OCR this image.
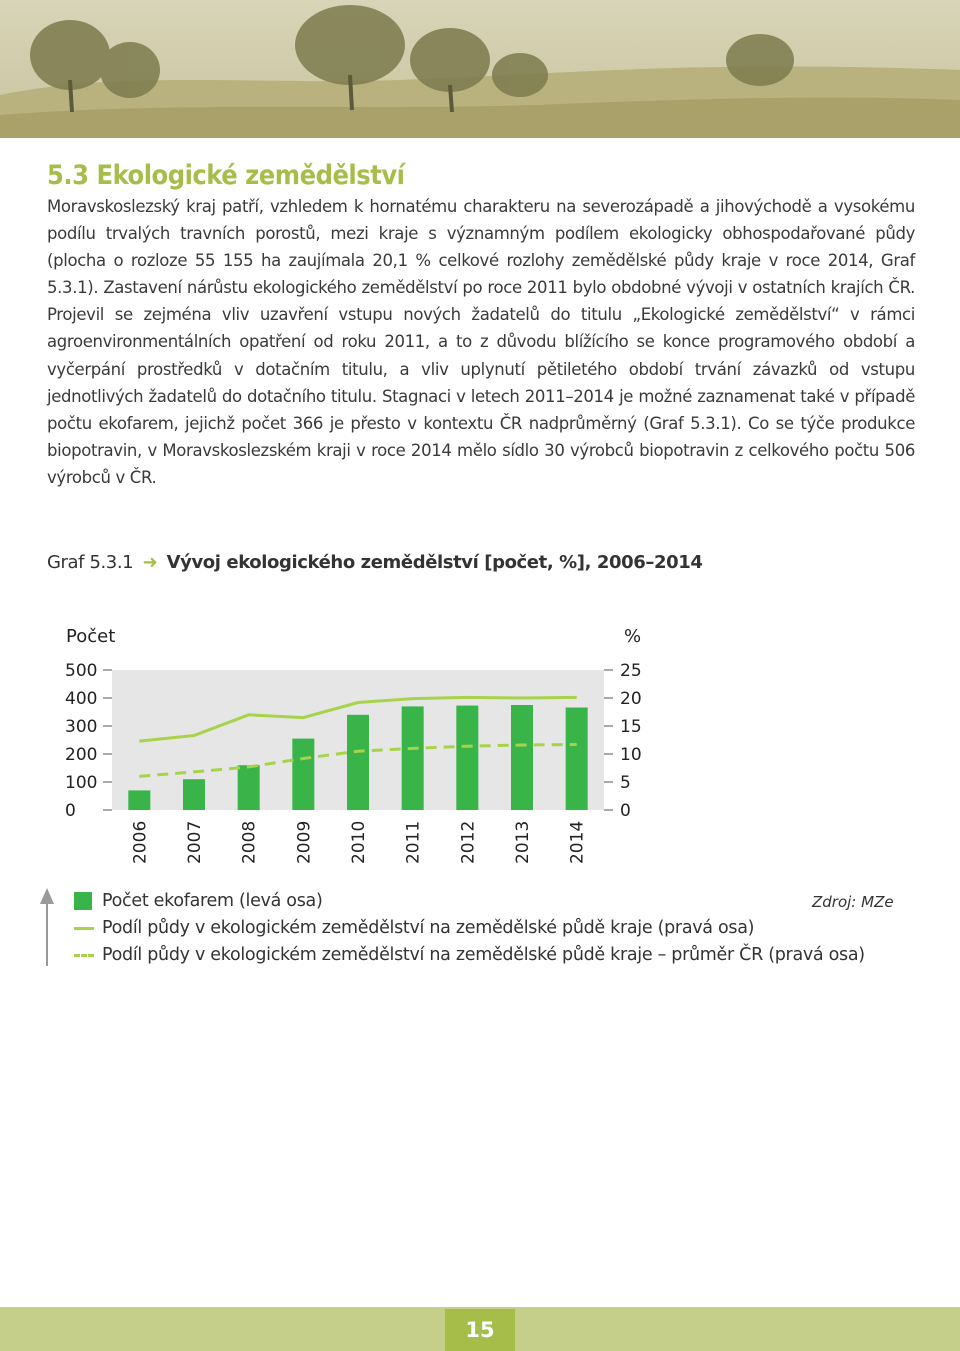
5.3 Ekologické zemědělství

Moravskoslezský kraj patří, vzhledem k hornatému charakteru na severozápadě a jihovýchodě a vysokému podílu trvalých travních porostů, mezi kraje s významným podílem ekologicky obhospodařované půdy (plocha o rozloze 55 155 ha zaujímala 20,1 % celkové rozlohy zemědělské půdy kraje v roce 2014, Graf 5.3.1). Zastavení nárůstu ekologického zemědělství po roce 2011 bylo obdobné vývoji v ostatních krajích ČR. Projevil se zejména vliv uzavření vstupu nových žadatelů do titulu „Ekologické zemědělství“ v rámci agroenvironmentálních opatření od roku 2011, a to z důvodu blížícího se konce programového období a vyčerpání prostředků v dotačním titulu, a vliv uplynutí pětiletého období trvání závazků od vstupu jednotlivých žadatelů do dotačního titulu. Stagnaci v letech 2011–2014 je možné zaznamenat také v případě počtu ekofarem, jejichž počet 366 je přesto v kontextu ČR nadprůměrný (Graf 5.3.1). Co se týče produkce biopotravin, v Moravskoslezském kraji v roce 2014 mělo sídlo 30 výrobců biopotravin z celkového počtu 506 výrobců v ČR.

Graf 5.3.1 ➜ Vývoj ekologického zemědělství [počet, %], 2006–2014
Počet	%
0
100
200
300
400
500
0
5
10
15
20
25
2006 2007 2008 2009 2010 2011 2012 2013 2014
Počet ekofarem (levá osa)
Podíl půdy v ekologickém zemědělství na zemědělské půdě kraje (pravá osa)
Podíl půdy v ekologickém zemědělství na zemědělské půdě kraje – průměr ČR (pravá osa)
Zdroj: MZe
15
